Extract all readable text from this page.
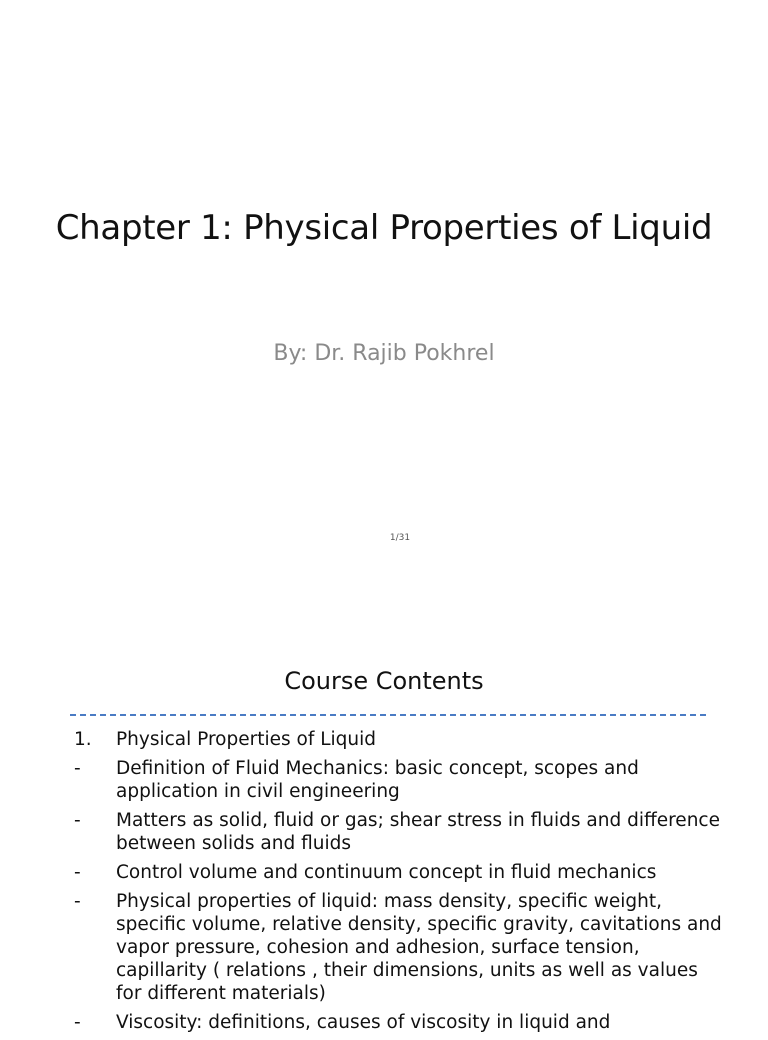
Chapter 1: Physical Properties of Liquid
By: Dr. Rajib Pokhrel
1/31
Course Contents
1.	Physical Properties of Liquid
-	Definition of Fluid Mechanics: basic concept, scopes and application in civil engineering
-	Matters as solid, fluid or gas; shear stress in fluids and difference between solids and fluids
-	Control volume and continuum concept in fluid mechanics
-	Physical properties of liquid: mass density, specific weight, specific volume, relative density, specific gravity, cavitations and vapor pressure, cohesion and adhesion, surface tension, capillarity ( relations , their dimensions, units as well as values for different materials)
-	Viscosity: definitions, causes of viscosity in liquid and
